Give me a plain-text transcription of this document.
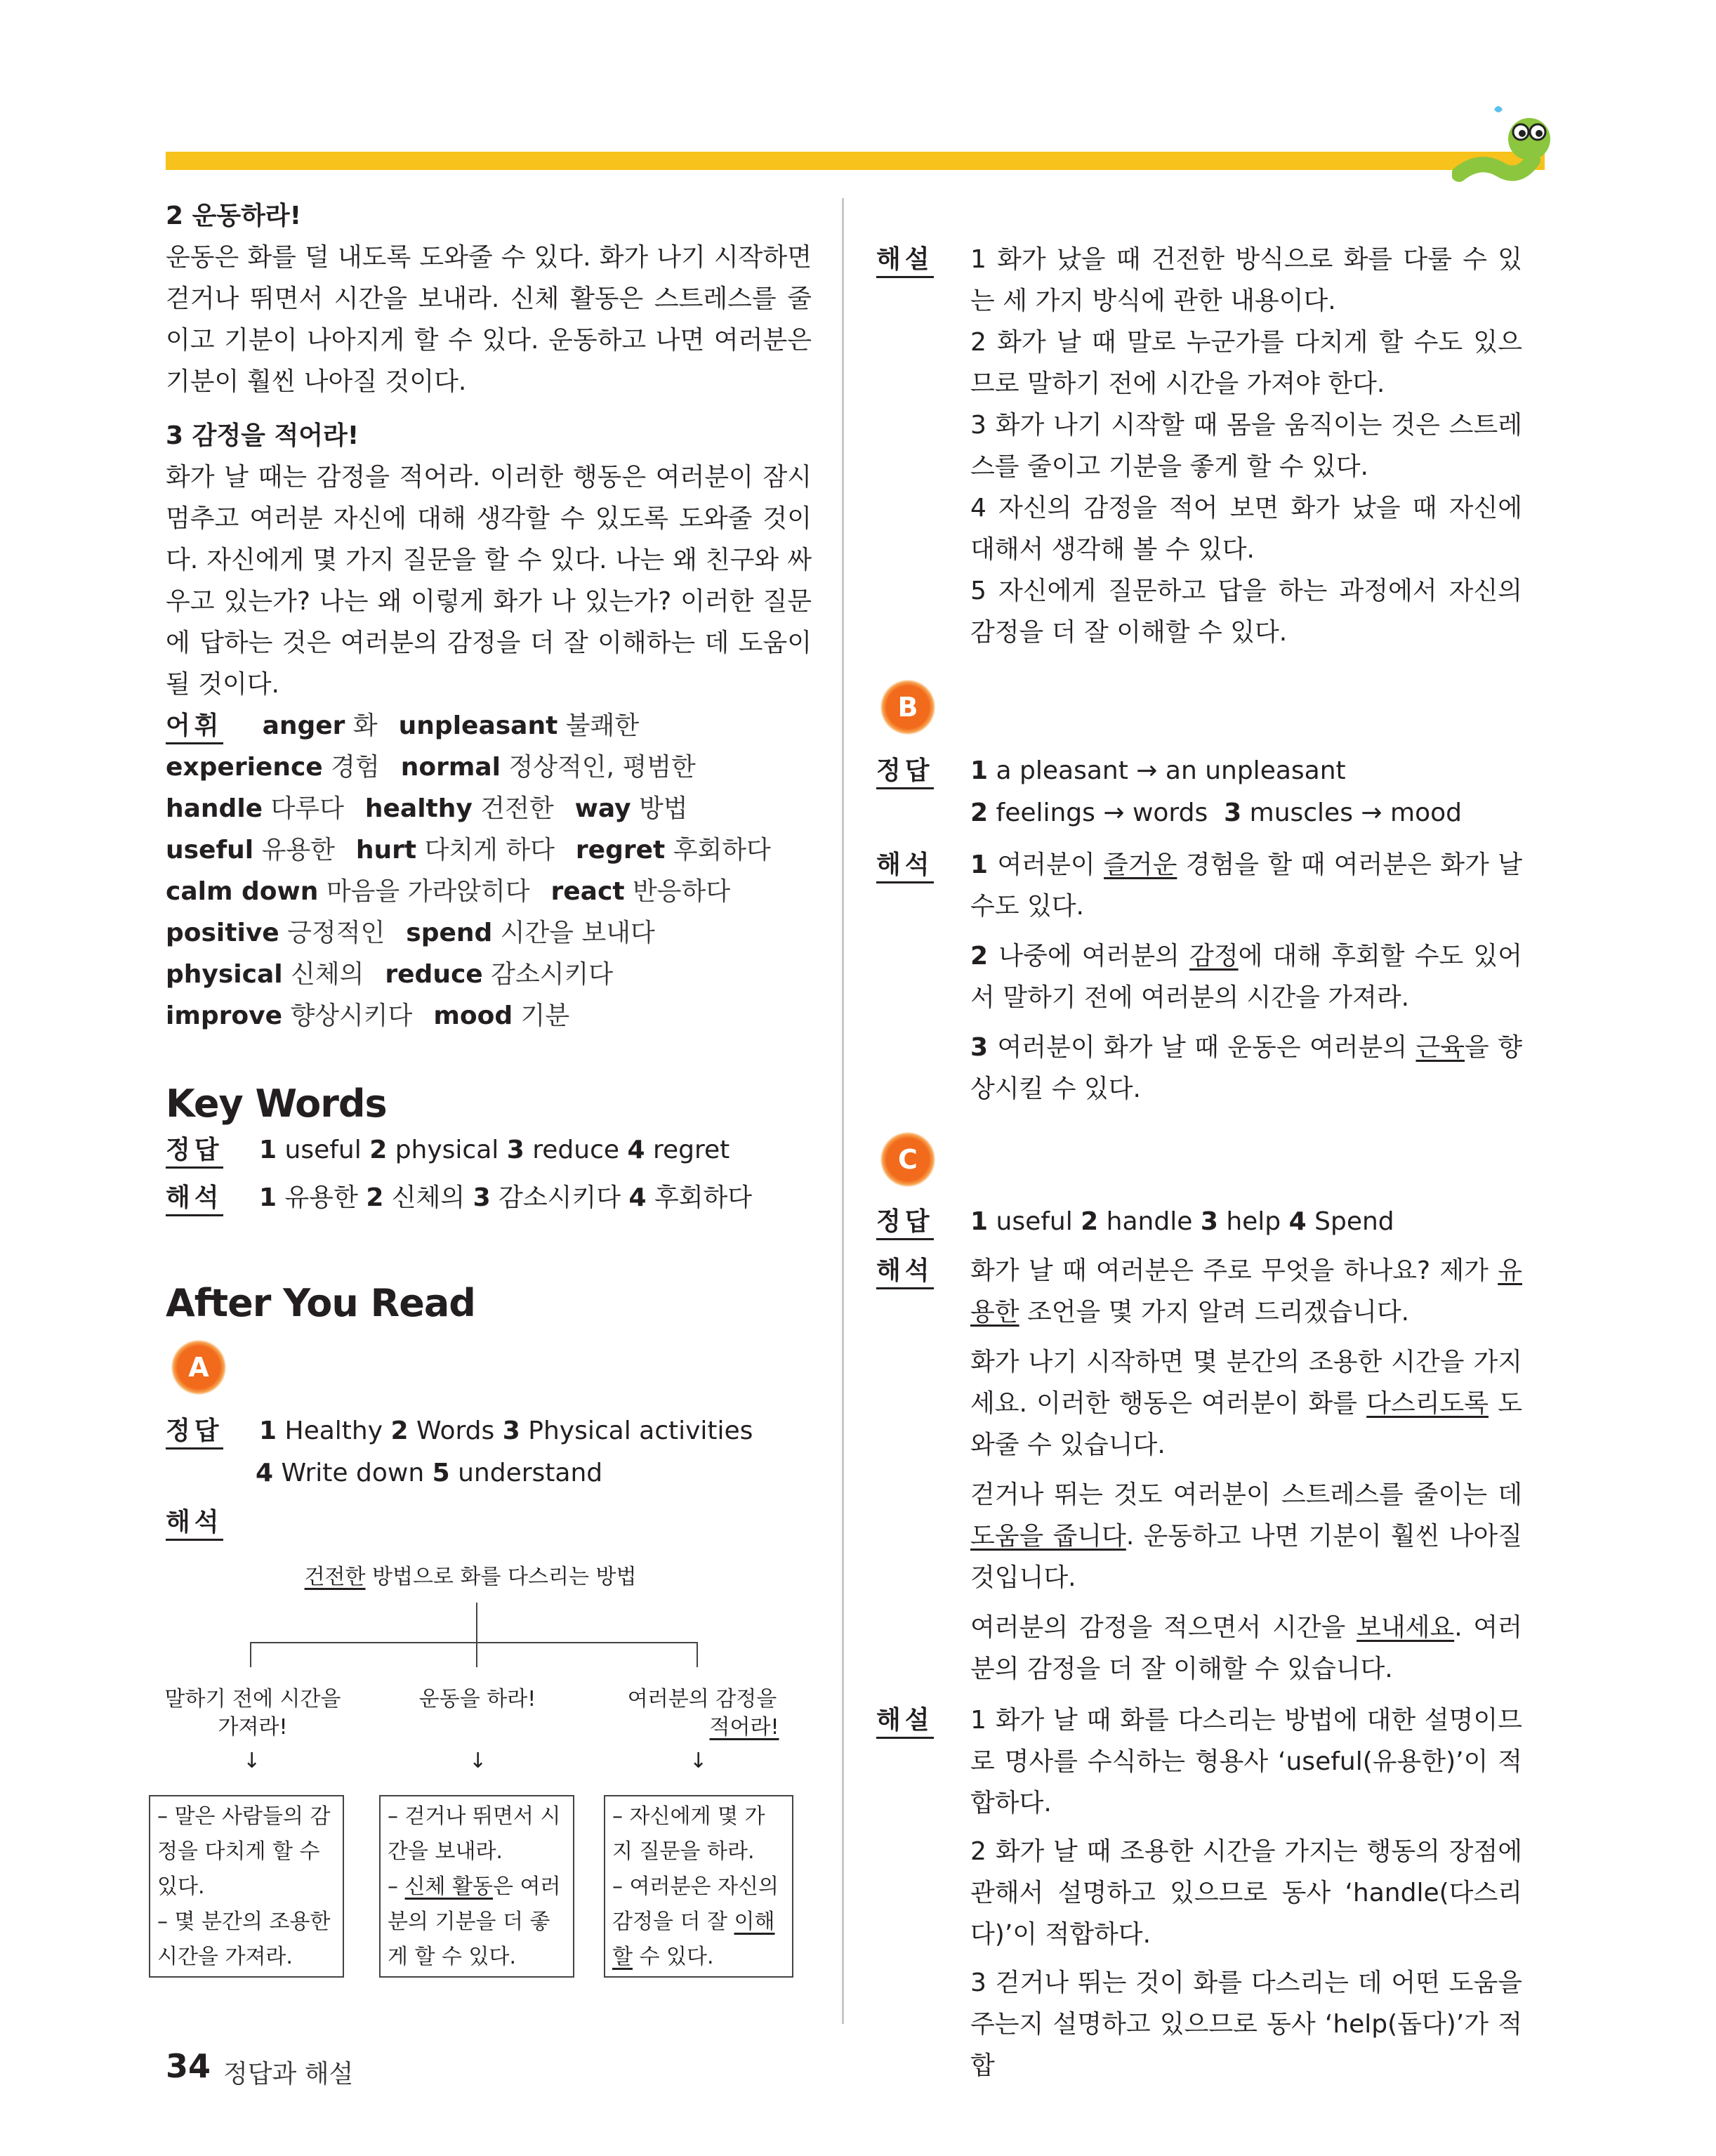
2 운동하라!

운동은 화를 덜 내도록 도와줄 수 있다. 화가 나기 시작하면 걷거나 뛰면서 시간을 보내라. 신체 활동은 스트레스를 줄이고 기분이 나아지게 할 수 있다. 운동하고 나면 여러분은 기분이 훨씬 나아질 것이다.

3 감정을 적어라!

화가 날 때는 감정을 적어라. 이러한 행동은 여러분이 잠시 멈추고 여러분 자신에 대해 생각할 수 있도록 도와줄 것이다. 자신에게 몇 가지 질문을 할 수 있다. 나는 왜 친구와 싸우고 있는가? 나는 왜 이렇게 화가 나 있는가? 이러한 질문에 답하는 것은 여러분의 감정을 더 잘 이해하는 데 도움이 될 것이다.

어휘 anger 화 unpleasant 불쾌한

experience 경험 normal 정상적인, 평범한

handle 다루다 healthy 건전한 way 방법

useful 유용한 hurt 다치게 하다 regret 후회하다

calm down 마음을 가라앉히다 react 반응하다

positive 긍정적인 spend 시간을 보내다

physical 신체의 reduce 감소시키다

improve 향상시키다 mood 기분

Key Words
정답 1 useful 2 physical 3 reduce 4 regret
해석 1 유용한 2 신체의 3 감소시키다 4 후회하다
After You Read
A
정답 1 Healthy 2 Words 3 Physical activities
4 Write down 5 understand
해석
건전한 방법으로 화를 다스리는 방법
말하기 전에 시간을
가져라!
운동을 하라!	여러분의 감정을
적어라!
↓	↓	↓
– 말은 사람들의 감정을 다치게 할 수 있다.
– 몇 분간의 조용한 시간을 가져라.
– 걷거나 뛰면서 시간을 보내라.
– 신체 활동은 여러분의 기분을 더 좋게 할 수 있다.
– 자신에게 몇 가지 질문을 하라.
– 여러분은 자신의 감정을 더 잘 이해할 수 있다.
34 정답과 해설
해설 1 화가 났을 때 건전한 방식으로 화를 다룰 수 있는 세 가지 방식에 관한 내용이다.
2 화가 날 때 말로 누군가를 다치게 할 수도 있으므로 말하기 전에 시간을 가져야 한다.
3 화가 나기 시작할 때 몸을 움직이는 것은 스트레스를 줄이고 기분을 좋게 할 수 있다.
4 자신의 감정을 적어 보면 화가 났을 때 자신에 대해서 생각해 볼 수 있다.
5 자신에게 질문하고 답을 하는 과정에서 자신의 감정을 더 잘 이해할 수 있다.
B
정답 1 a pleasant → an unpleasant
2 feelings → words 3 muscles → mood
해석 1 여러분이 즐거운 경험을 할 때 여러분은 화가 날 수도 있다.
2 나중에 여러분의 감정에 대해 후회할 수도 있어서 말하기 전에 여러분의 시간을 가져라.
3 여러분이 화가 날 때 운동은 여러분의 근육을 향상시킬 수 있다.
C
정답 1 useful 2 handle 3 help 4 Spend
해석 화가 날 때 여러분은 주로 무엇을 하나요? 제가 유용한 조언을 몇 가지 알려 드리겠습니다.
화가 나기 시작하면 몇 분간의 조용한 시간을 가지세요. 이러한 행동은 여러분이 화를 다스리도록 도와줄 수 있습니다.
걷거나 뛰는 것도 여러분이 스트레스를 줄이는 데 도움을 줍니다. 운동하고 나면 기분이 훨씬 나아질 것입니다.
여러분의 감정을 적으면서 시간을 보내세요. 여러분의 감정을 더 잘 이해할 수 있습니다.
해설 1 화가 날 때 화를 다스리는 방법에 대한 설명이므로 명사를 수식하는 형용사 ‘useful(유용한)’이 적합하다.
2 화가 날 때 조용한 시간을 가지는 행동의 장점에 관해서 설명하고 있으므로 동사 ‘handle(다스리다)’이 적합하다.
3 걷거나 뛰는 것이 화를 다스리는 데 어떤 도움을 주는지 설명하고 있으므로 동사 ‘help(돕다)’가 적합
